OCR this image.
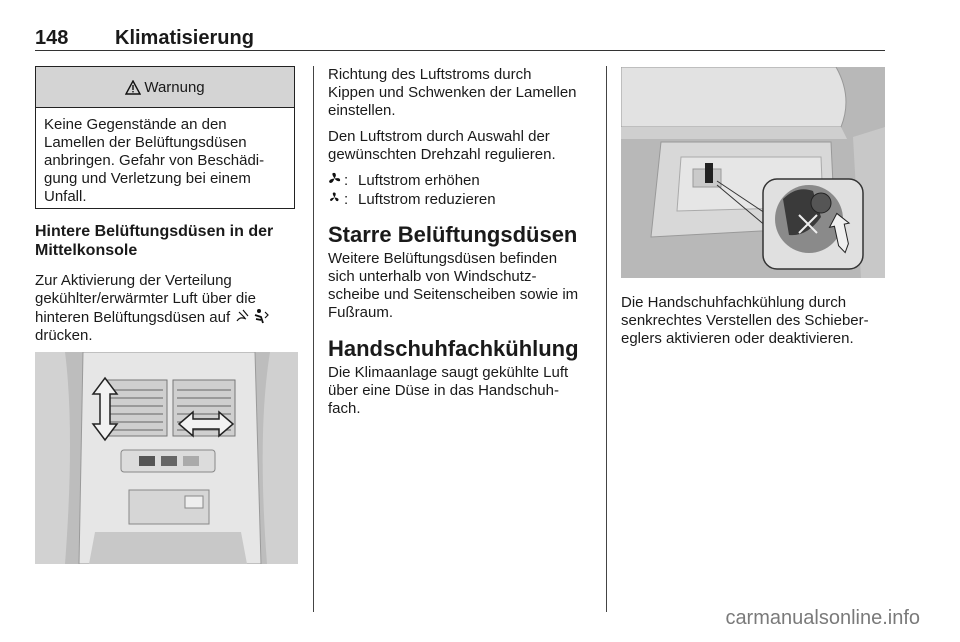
148 Klimatisierung
Warnung

Keine Gegenstände an den

Lamellen der Belüftungsdüsen

anbringen. Gefahr von Beschädi-

gung und Verletzung bei einem

Unfall.

Hintere Belüftungsdüsen in der
Mittelkonsole

Zur Aktivierung der Verteilung

gekühlter/erwärmter Luft über die

hinteren Belüftungsdüsen auf

drücken.

Richtung des Luftstroms durch

Kippen und Schwenken der Lamellen

einstellen.

Den Luftstrom durch Auswahl der

gewünschten Drehzahl regulieren.

: Luftstrom erhöhen
: Luftstrom reduzieren
Starre Belüftungsdüsen

Weitere Belüftungsdüsen befinden

sich unterhalb von Windschutz-

scheibe und Seitenscheiben sowie im

Fußraum.

Handschuhfachkühlung

Die Klimaanlage saugt gekühlte Luft

über eine Düse in das Handschuh-

fach.

Die Handschuhfachkühlung durch

senkrechtes Verstellen des Schieber-

eglers aktivieren oder deaktivieren.

carmanualsonline.info
